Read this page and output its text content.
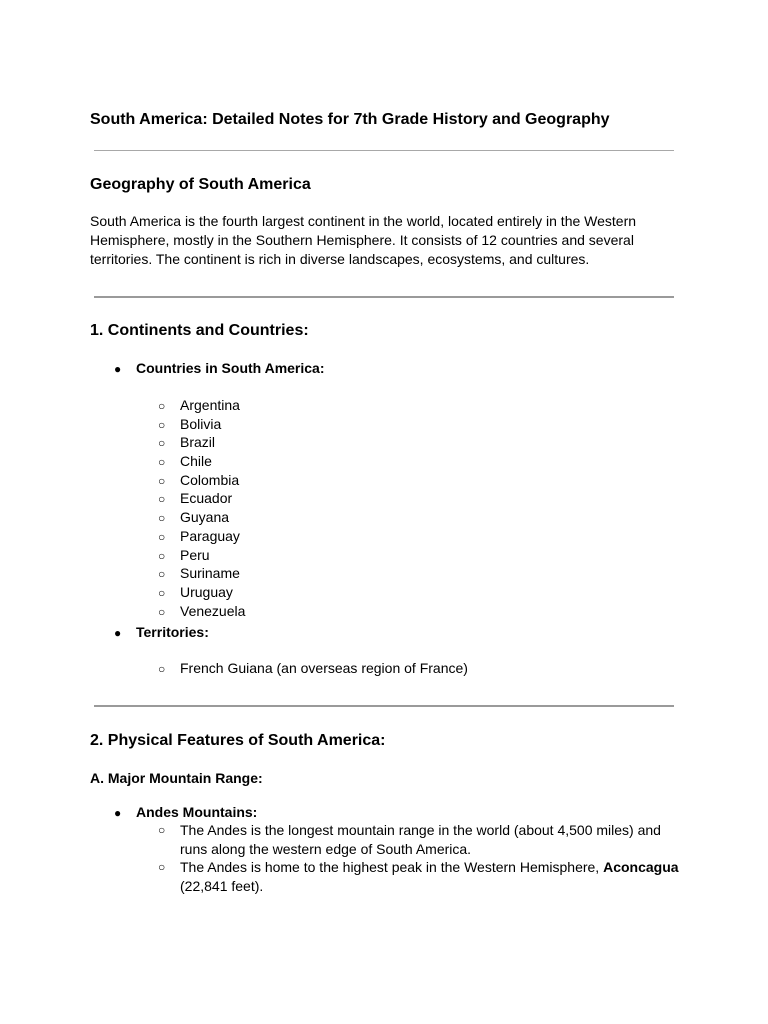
South America: Detailed Notes for 7th Grade History and Geography
Geography of South America

South America is the fourth largest continent in the world, located entirely in the Western

Hemisphere, mostly in the Southern Hemisphere. It consists of 12 countries and several

territories. The continent is rich in diverse landscapes, ecosystems, and cultures.

1. Continents and Countries:
● Countries in South America:
○ Argentina
○ Bolivia
○ Brazil
○ Chile
○ Colombia
○ Ecuador
○ Guyana
○ Paraguay
○ Peru
○ Suriname
○ Uruguay
○ Venezuela
● Territories:
○ French Guiana (an overseas region of France)
2. Physical Features of South America:
A. Major Mountain Range:
● Andes Mountains:
○	The Andes is the longest mountain range in the world (about 4,500 miles) and
runs along the western edge of South America.
○	The Andes is home to the highest peak in the Western Hemisphere, Aconcagua
(22,841 feet).
